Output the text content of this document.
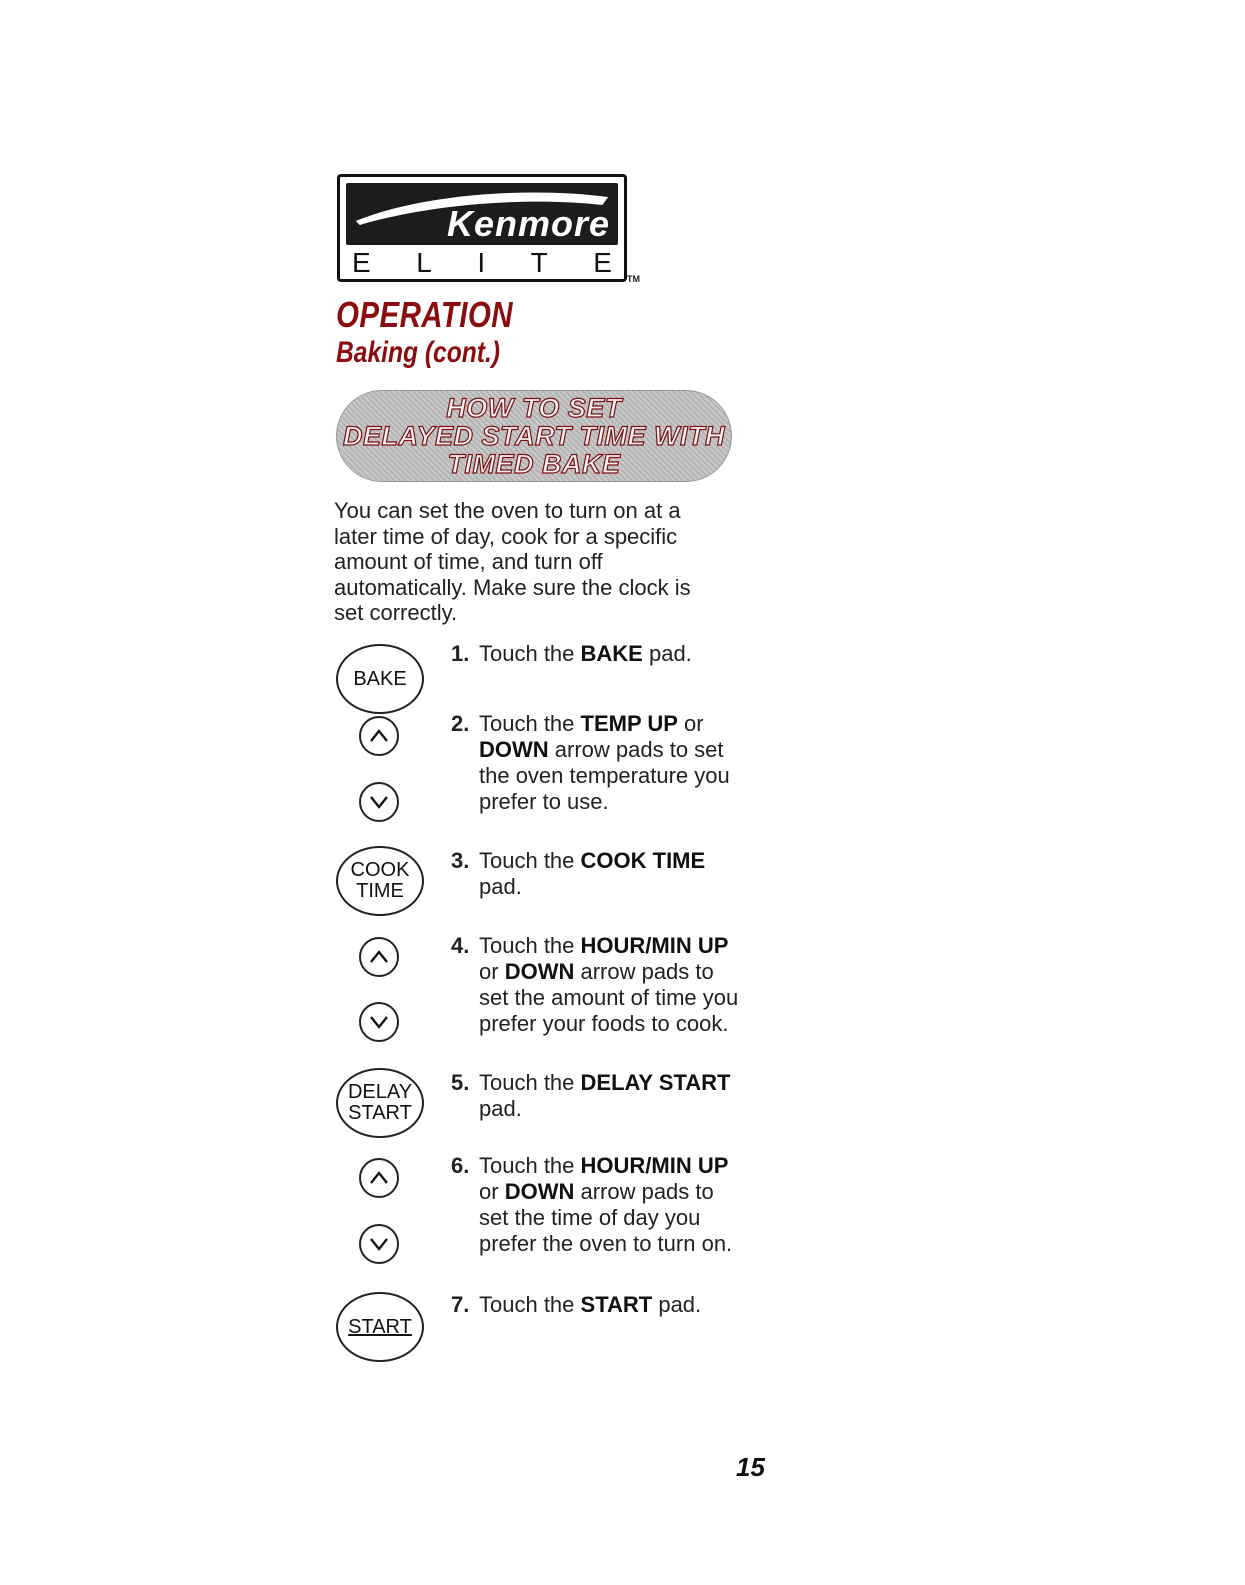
Kenmore
E L I T E
TM
OPERATION
Baking (cont.)
HOW TO SET
DELAYED START TIME WITH
TIMED BAKE

You can set the oven to turn on at a later time of day, cook for a specific amount of time, and turn off automatically. Make sure the clock is set correctly.

BAKE
COOK
TIME
DELAY
START
START
1. Touch the BAKE pad.
2. Touch the TEMP UP or DOWN arrow pads to set the oven temperature you prefer to use.
3. Touch the COOK TIME pad.
4. Touch the HOUR/MIN UP or DOWN arrow pads to set the amount of time you prefer your foods to cook.
5. Touch the DELAY START pad.
6. Touch the HOUR/MIN UP or DOWN arrow pads to set the time of day you prefer the oven to turn on.
7. Touch the START pad.
15
